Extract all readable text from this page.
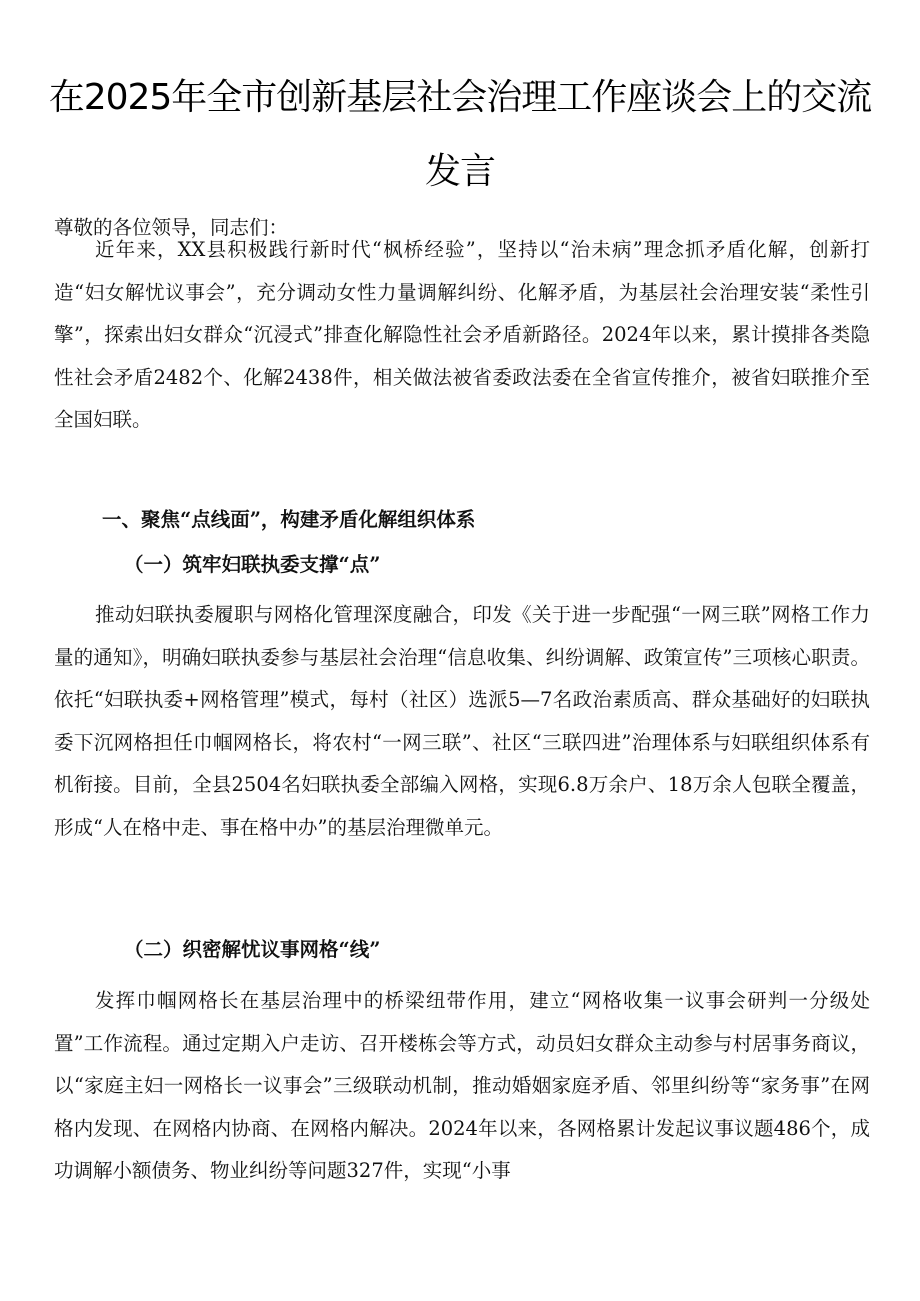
在2025年全市创新基层社会治理工作座谈会上的交流
发言

尊敬的各位领导，同志们：

近年来，XX县积极践行新时代“枫桥经验”，坚持以“治未病”理念抓矛盾化解，创新打造“妇女解忧议事会”，充分调动女性力量调解纠纷、化解矛盾，为基层社会治理安装“柔性引擎”，探索出妇女群众“沉浸式”排查化解隐性社会矛盾新路径。2024年以来，累计摸排各类隐性社会矛盾2482个、化解2438件，相关做法被省委政法委在全省宣传推介，被省妇联推介至全国妇联。

一、聚焦“点线面”，构建矛盾化解组织体系
（一）筑牢妇联执委支撑“点”

推动妇联执委履职与网格化管理深度融合，印发《关于进一步配强“一网三联”网格工作力量的通知》，明确妇联执委参与基层社会治理“信息收集、纠纷调解、政策宣传”三项核心职责。依托“妇联执委+网格管理”模式，每村（社区）选派5—7名政治素质高、群众基础好的妇联执委下沉网格担任巾帼网格长，将农村“一网三联”、社区“三联四进”治理体系与妇联组织体系有机衔接。目前，全县2504名妇联执委全部编入网格，实现6.8万余户、18万余人包联全覆盖，形成“人在格中走、事在格中办”的基层治理微单元。

（二）织密解忧议事网格“线”

发挥巾帼网格长在基层治理中的桥梁纽带作用，建立“网格收集一议事会研判一分级处置”工作流程。通过定期入户走访、召开楼栋会等方式，动员妇女群众主动参与村居事务商议，以“家庭主妇一网格长一议事会”三级联动机制，推动婚姻家庭矛盾、邻里纠纷等“家务事”在网格内发现、在网格内协商、在网格内解决。2024年以来，各网格累计发起议事议题486个，成功调解小额债务、物业纠纷等问题327件，实现“小事
